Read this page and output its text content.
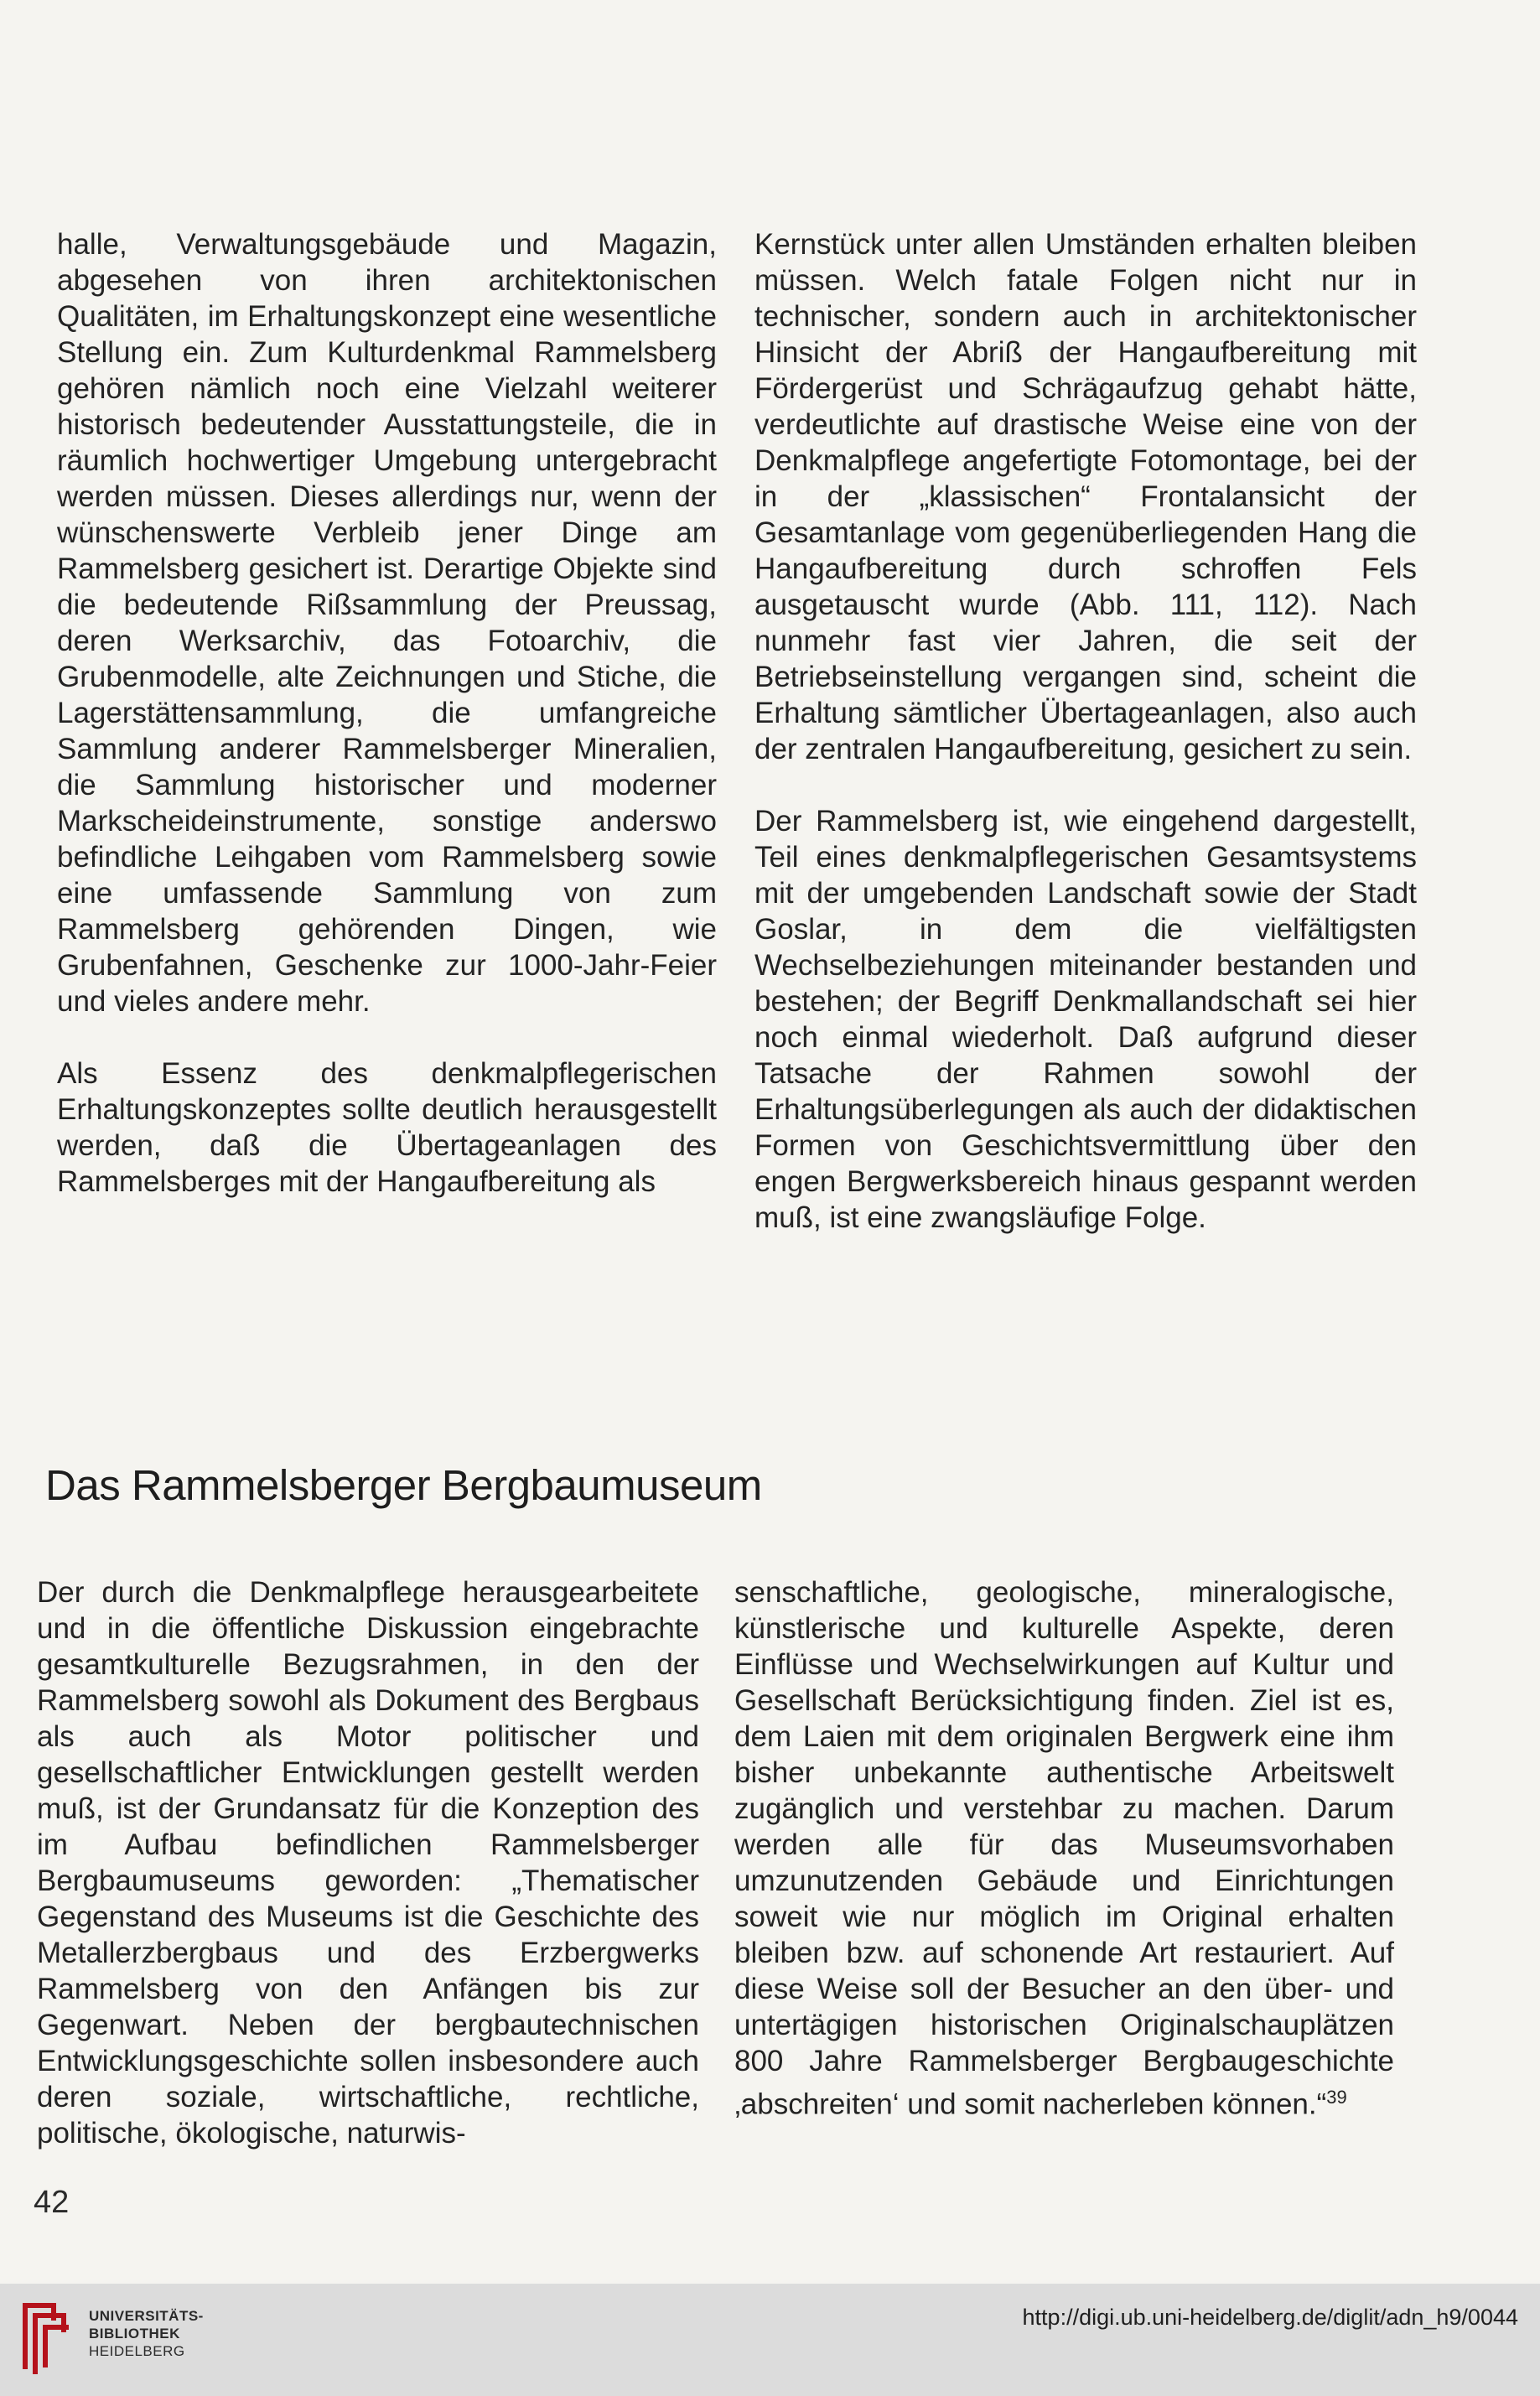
halle, Verwaltungsgebäude und Magazin, abgesehen von ihren architektonischen Qualitäten, im Erhaltungskonzept eine wesentliche Stellung ein. Zum Kulturdenkmal Rammelsberg gehören nämlich noch eine Vielzahl weiterer historisch bedeutender Ausstattungsteile, die in räumlich hochwertiger Umgebung untergebracht werden müssen. Dieses allerdings nur, wenn der wünschenswerte Verbleib jener Dinge am Rammelsberg gesichert ist. Derartige Objekte sind die bedeutende Rißsammlung der Preussag, deren Werksarchiv, das Fotoarchiv, die Grubenmodelle, alte Zeichnungen und Stiche, die Lagerstättensammlung, die umfangreiche Sammlung anderer Rammelsberger Mineralien, die Sammlung historischer und moderner Markscheideinstrumente, sonstige anderswo befindliche Leihgaben vom Rammelsberg sowie eine umfassende Sammlung von zum Rammelsberg gehörenden Dingen, wie Grubenfahnen, Geschenke zur 1000-Jahr-Feier und vieles andere mehr.

Als Essenz des denkmalpflegerischen Erhaltungskonzeptes sollte deutlich herausgestellt werden, daß die Übertageanlagen des Rammelsberges mit der Hangaufbereitung als

Kernstück unter allen Umständen erhalten bleiben müssen. Welch fatale Folgen nicht nur in technischer, sondern auch in architektonischer Hinsicht der Abriß der Hangaufbereitung mit Fördergerüst und Schrägaufzug gehabt hätte, verdeutlichte auf drastische Weise eine von der Denkmalpflege angefertigte Fotomontage, bei der in der „klassischen“ Frontalansicht der Gesamtanlage vom gegenüberliegenden Hang die Hangaufbereitung durch schroffen Fels ausgetauscht wurde (Abb. 111, 112). Nach nunmehr fast vier Jahren, die seit der Betriebseinstellung vergangen sind, scheint die Erhaltung sämtlicher Übertageanlagen, also auch der zentralen Hangaufbereitung, gesichert zu sein.

Der Rammelsberg ist, wie eingehend dargestellt, Teil eines denkmalpflegerischen Gesamtsystems mit der umgebenden Landschaft sowie der Stadt Goslar, in dem die vielfältigsten Wechselbeziehungen miteinander bestanden und bestehen; der Begriff Denkmallandschaft sei hier noch einmal wiederholt. Daß aufgrund dieser Tatsache der Rahmen sowohl der Erhaltungsüberlegungen als auch der didaktischen Formen von Geschichtsvermittlung über den engen Bergwerksbereich hinaus gespannt werden muß, ist eine zwangsläufige Folge.

Das Rammelsberger Bergbaumuseum

Der durch die Denkmalpflege herausgearbeitete und in die öffentliche Diskussion eingebrachte gesamtkulturelle Bezugsrahmen, in den der Rammelsberg sowohl als Dokument des Bergbaus als auch als Motor politischer und gesellschaftlicher Entwicklungen gestellt werden muß, ist der Grundansatz für die Konzeption des im Aufbau befindlichen Rammelsberger Bergbaumuseums geworden: „Thematischer Gegenstand des Museums ist die Geschichte des Metallerzbergbaus und des Erzbergwerks Rammelsberg von den Anfängen bis zur Gegenwart. Neben der bergbautechnischen Entwicklungsgeschichte sollen insbesondere auch deren soziale, wirtschaftliche, rechtliche, politische, ökologische, naturwis-

senschaftliche, geologische, mineralogische, künstlerische und kulturelle Aspekte, deren Einflüsse und Wechselwirkungen auf Kultur und Gesellschaft Berücksichtigung finden. Ziel ist es, dem Laien mit dem originalen Bergwerk eine ihm bisher unbekannte authentische Arbeitswelt zugänglich und verstehbar zu machen. Darum werden alle für das Museumsvorhaben umzunutzenden Gebäude und Einrichtungen soweit wie nur möglich im Original erhalten bleiben bzw. auf schonende Art restauriert. Auf diese Weise soll der Besucher an den über- und untertägigen historischen Originalschauplätzen 800 Jahre Rammelsberger Bergbaugeschichte ‚abschreiten‘ und somit nacherleben können.“$^{39}$

42
UNIVERSITÄTS-
BIBLIOTHEK
HEIDELBERG
http://digi.ub.uni-heidelberg.de/diglit/adn_h9/0044
